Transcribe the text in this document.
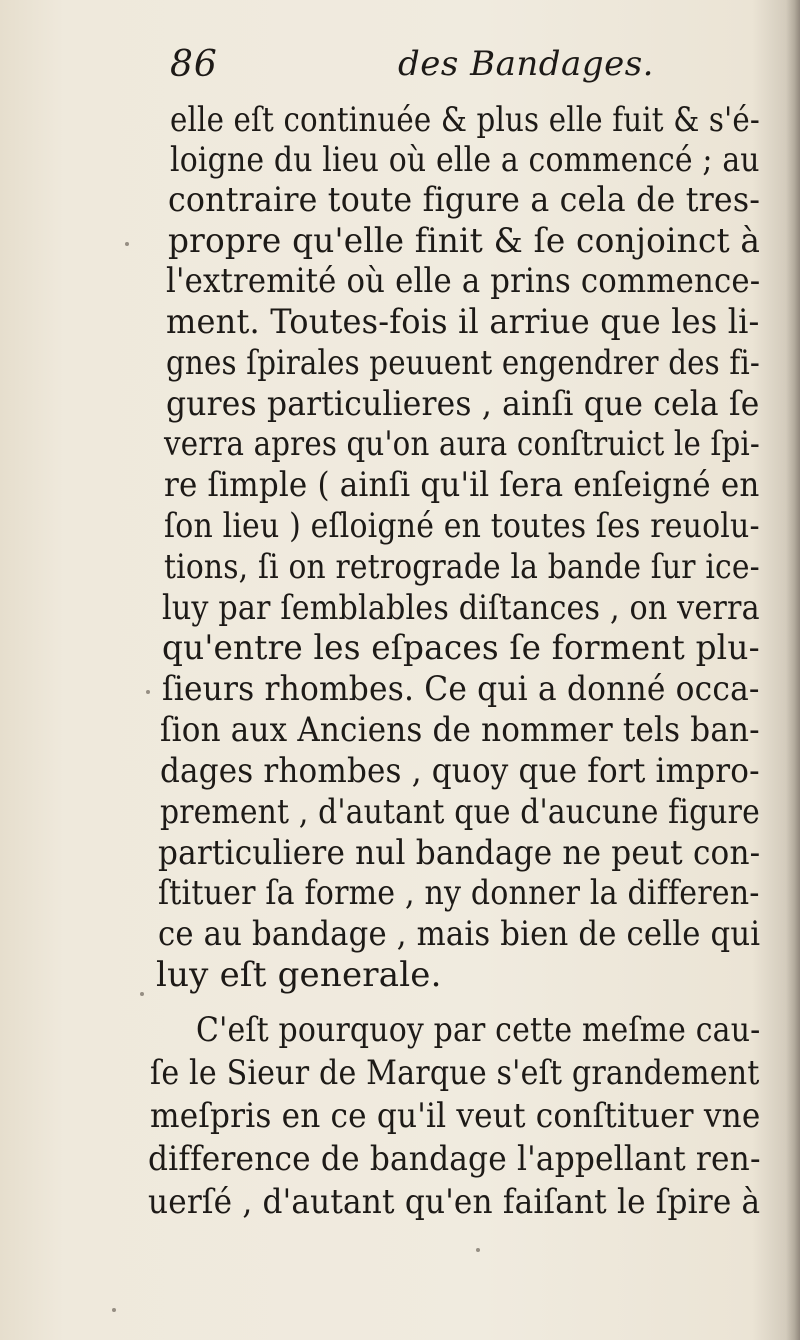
86	des Bandages.
elle eſt continuée & plus elle fuit & s'é-
loigne du lieu où elle a commencé ; au
contraire toute figure a cela de tres-
propre qu'elle finit & ſe conjoinct à
l'extremité où elle a prins commence-
ment. Toutes-fois il arriue que les li-
gnes ſpirales peuuent engendrer des fi-
gures particulieres , ainſi que cela ſe
verra apres qu'on aura conſtruict le ſpi-
re ſimple ( ainſi qu'il ſera enſeigné en
ſon lieu ) eſloigné en toutes ſes reuolu-
tions, ſi on retrograde la bande ſur ice-
luy par ſemblables diſtances , on verra
qu'entre les eſpaces ſe forment plu-
ſieurs rhombes. Ce qui a donné occa-
ſion aux Anciens de nommer tels ban-
dages rhombes , quoy que fort impro-
prement , d'autant que d'aucune figure
particuliere nul bandage ne peut con-
ſtituer ſa forme , ny donner la differen-
ce au bandage , mais bien de celle qui
luy eſt generale.
C'eſt pourquoy par cette meſme cau-
ſe le Sieur de Marque s'eſt grandement
meſpris en ce qu'il veut conſtituer vne
difference de bandage l'appellant ren-
uerſé , d'autant qu'en faiſant le ſpire à
